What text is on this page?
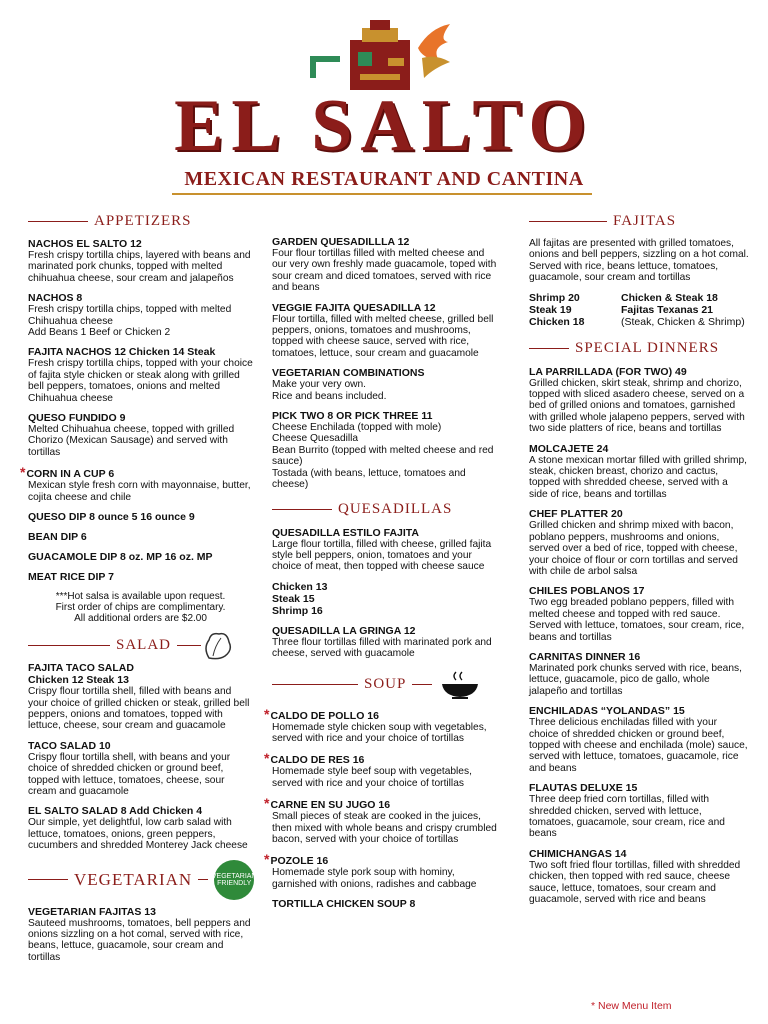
EL SALTO
MEXICAN RESTAURANT AND CANTINA
APPETIZERS
NACHOS EL SALTO 12
Fresh crispy tortilla chips, layered with beans and marinated pork chunks, topped with melted chihuahua cheese, sour cream and jalapeños
NACHOS 8
Fresh crispy tortilla chips, topped with melted Chihuahua cheese
Add Beans 1 Beef or Chicken 2
FAJITA NACHOS 12 Chicken 14 Steak
Fresh crispy tortilla chips, topped with your choice of fajita style chicken or steak along with grilled bell peppers, tomatoes, onions and melted Chihuahua cheese
QUESO FUNDIDO 9
Melted Chihuahua cheese, topped with grilled Chorizo (Mexican Sausage) and served with tortillas
*CORN IN A CUP 6
Mexican style fresh corn with mayonnaise, butter, cojita cheese and chile
QUESO DIP 8 ounce 5 16 ounce 9
BEAN DIP 6
GUACAMOLE DIP 8 oz. MP 16 oz. MP
MEAT RICE DIP 7
***Hot salsa is available upon request.
First order of chips are complimentary.
All additional orders are $2.00
SALAD
FAJITA TACO SALAD
Chicken 12 Steak 13
Crispy flour tortilla shell, filled with beans and your choice of grilled chicken or steak, grilled bell peppers, onions and tomatoes, topped with lettuce, cheese, sour cream and guacamole
TACO SALAD 10
Crispy flour tortilla shell, with beans and your choice of shredded chicken or ground beef, topped with lettuce, tomatoes, cheese, sour cream and guacamole
EL SALTO SALAD 8 Add Chicken 4
Our simple, yet delightful, low carb salad with lettuce, tomatoes, onions, green peppers, cucumbers and shredded Monterey Jack cheese
VEGETARIAN	VEGETARIAN FRIENDLY
VEGETARIAN FAJITAS 13
Sauteed mushrooms, tomatoes, bell peppers and onions sizzling on a hot comal, served with rice, beans, lettuce, guacamole, sour cream and tortillas
GARDEN QUESADILLLA 12
Four flour tortillas filled with melted cheese and our very own freshly made guacamole, toped with sour cream and diced tomatoes, served with rice and beans
VEGGIE FAJITA QUESADILLA 12
Flour tortilla, filled with melted cheese, grilled bell peppers, onions, tomatoes and mushrooms, topped with cheese sauce, served with rice, tomatoes, lettuce, sour cream and guacamole
VEGETARIAN COMBINATIONS
Make your very own.
Rice and beans included.
PICK TWO 8 OR PICK THREE 11
Cheese Enchilada (topped with mole)
Cheese Quesadilla
Bean Burrito (topped with melted cheese and red sauce)
Tostada (with beans, lettuce, tomatoes and cheese)
QUESADILLAS
QUESADILLA ESTILO FAJITA
Large flour tortilla, filled with cheese, grilled fajita style bell peppers, onion, tomatoes and your choice of meat, then topped with cheese sauce
Chicken 13
Steak 15
Shrimp 16
QUESADILLA LA GRINGA 12
Three flour tortillas filled with marinated pork and cheese, served with guacamole
SOUP
*CALDO DE POLLO 16
Homemade style chicken soup with vegetables, served with rice and your choice of tortillas
*CALDO DE RES 16
Homemade style beef soup with vegetables, served with rice and your choice of tortillas
*CARNE EN SU JUGO 16
Small pieces of steak are cooked in the juices, then mixed with whole beans and crispy crumbled bacon, served with your choice of tortillas
*POZOLE 16
Homemade style pork soup with hominy, garnished with onions, radishes and cabbage
TORTILLA CHICKEN SOUP 8
FAJITAS
All fajitas are presented with grilled tomatoes, onions and bell peppers, sizzling on a hot comal. Served with rice, beans lettuce, tomatoes, guacamole, sour cream and tortillas
Shrimp 20
Steak 19
Chicken 18
Chicken & Steak 18
Fajitas Texanas 21
(Steak, Chicken & Shrimp)
SPECIAL DINNERS
LA PARRILLADA (FOR TWO) 49
Grilled chicken, skirt steak, shrimp and chorizo, topped with sliced asadero cheese, served on a bed of grilled onions and tomatoes, garnished with grilled whole jalapeno peppers, served with two side platters of rice, beans and tortillas
MOLCAJETE 24
A stone mexican mortar filled with grilled shrimp, steak, chicken breast, chorizo and cactus, topped with shredded cheese, served with a side of rice, beans and tortillas
CHEF PLATTER 20
Grilled chicken and shrimp mixed with bacon, poblano peppers, mushrooms and onions, served over a bed of rice, topped with cheese, your choice of flour or corn tortillas and served with chile de arbol salsa
CHILES POBLANOS 17
Two egg breaded poblano peppers, filled with melted cheese and topped with red sauce. Served with lettuce, tomatoes, sour cream, rice, beans and tortillas
CARNITAS DINNER 16
Marinated pork chunks served with rice, beans, lettuce, guacamole, pico de gallo, whole jalapeño and tortillas
ENCHILADAS “YOLANDAS” 15
Three delicious enchiladas filled with your choice of shredded chicken or ground beef, topped with cheese and enchilada (mole) sauce, served with lettuce, tomatoes, guacamole, rice and beans
FLAUTAS DELUXE 15
Three deep fried corn tortillas, filled with shredded chicken, served with lettuce, tomatoes, guacamole, sour cream, rice and beans
CHIMICHANGAS 14
Two soft fried flour tortillas, filled with shredded chicken, then topped with red sauce, cheese sauce, lettuce, tomatoes, sour cream and guacamole, served with rice and beans
* New Menu Item
